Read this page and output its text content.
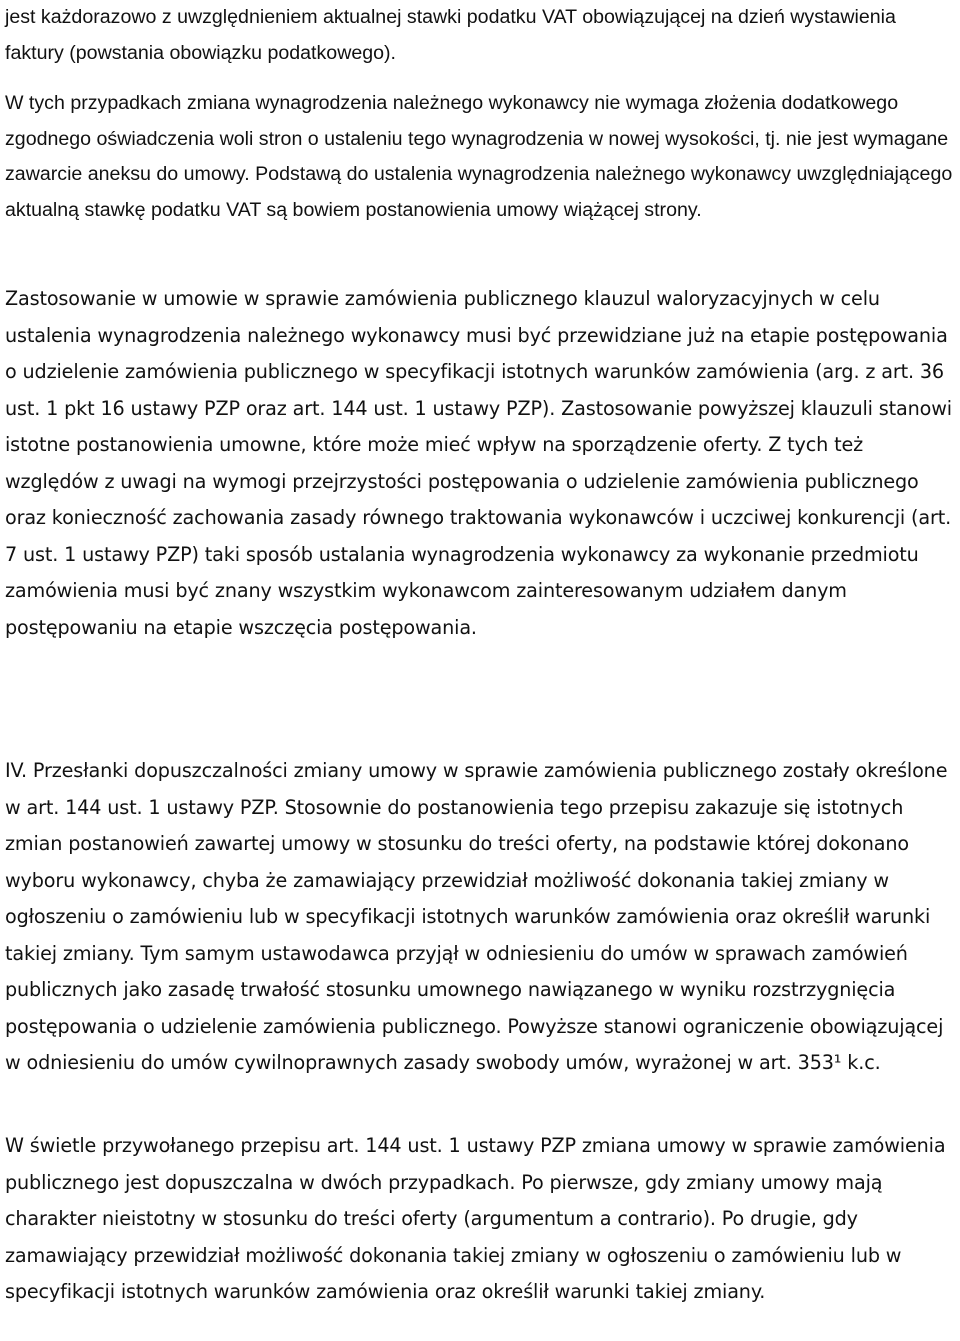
jest każdorazowo z uwzględnieniem aktualnej stawki podatku VAT obowiązującej na dzień wystawienia faktury (powstania obowiązku podatkowego).

W tych przypadkach zmiana wynagrodzenia należnego wykonawcy nie wymaga złożenia dodatkowego zgodnego oświadczenia woli stron o ustaleniu tego wynagrodzenia w nowej wysokości, tj. nie jest wymagane zawarcie aneksu do umowy. Podstawą do ustalenia wynagrodzenia należnego wykonawcy uwzględniającego aktualną stawkę podatku VAT są bowiem postanowienia umowy wiążącej strony.

Zastosowanie w umowie w sprawie zamówienia publicznego klauzul waloryzacyjnych w celu ustalenia wynagrodzenia należnego wykonawcy musi być przewidziane już na etapie postępowania o udzielenie zamówienia publicznego w specyfikacji istotnych warunków zamówienia (arg. z art. 36 ust. 1 pkt 16 ustawy PZP oraz art. 144 ust. 1 ustawy PZP). Zastosowanie powyższej klauzuli stanowi istotne postanowienia umowne, które może mieć wpływ na sporządzenie oferty. Z tych też względów z uwagi na wymogi przejrzystości postępowania o udzielenie zamówienia publicznego oraz konieczność zachowania zasady równego traktowania wykonawców i uczciwej konkurencji (art. 7 ust. 1 ustawy PZP) taki sposób ustalania wynagrodzenia wykonawcy za wykonanie przedmiotu zamówienia musi być znany wszystkim wykonawcom zainteresowanym udziałem danym postępowaniu na etapie wszczęcia postępowania.

IV. Przesłanki dopuszczalności zmiany umowy w sprawie zamówienia publicznego zostały określone w art. 144 ust. 1 ustawy PZP. Stosownie do postanowienia tego przepisu zakazuje się istotnych zmian postanowień zawartej umowy w stosunku do treści oferty, na podstawie której dokonano wyboru wykonawcy, chyba że zamawiający przewidział możliwość dokonania takiej zmiany w ogłoszeniu o zamówieniu lub w specyfikacji istotnych warunków zamówienia oraz określił warunki takiej zmiany. Tym samym ustawodawca przyjął w odniesieniu do umów w sprawach zamówień publicznych jako zasadę trwałość stosunku umownego nawiązanego w wyniku rozstrzygnięcia postępowania o udzielenie zamówienia publicznego. Powyższe stanowi ograniczenie obowiązującej w odniesieniu do umów cywilnoprawnych zasady swobody umów, wyrażonej w art. 353¹ k.c.

W świetle przywołanego przepisu art. 144 ust. 1 ustawy PZP zmiana umowy w sprawie zamówienia publicznego jest dopuszczalna w dwóch przypadkach. Po pierwsze, gdy zmiany umowy mają charakter nieistotny w stosunku do treści oferty (argumentum a contrario). Po drugie, gdy zamawiający przewidział możliwość dokonania takiej zmiany w ogłoszeniu o zamówieniu lub w specyfikacji istotnych warunków zamówienia oraz określił warunki takiej zmiany.
